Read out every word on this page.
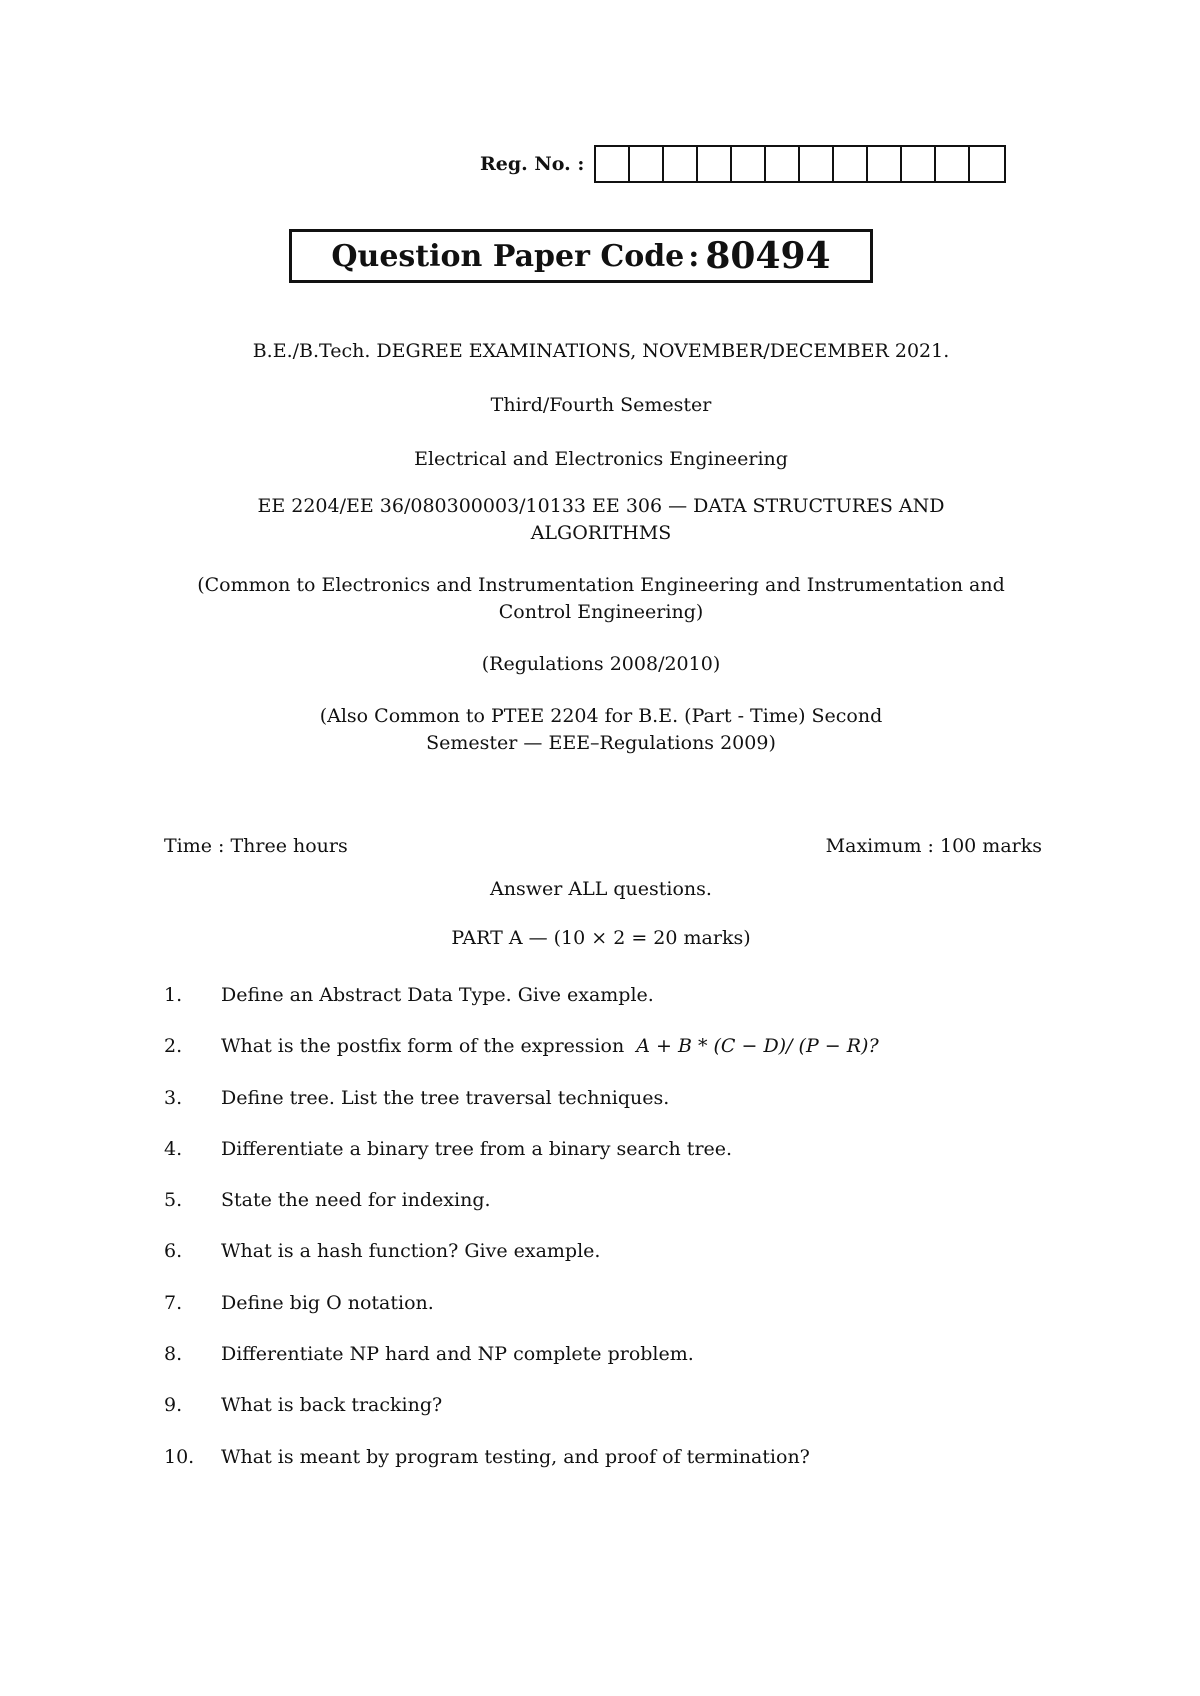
Reg. No. :
Question Paper Code : 80494

B.E./B.Tech. DEGREE EXAMINATIONS, NOVEMBER/DECEMBER 2021.

Third/Fourth Semester

Electrical and Electronics Engineering

EE 2204/EE 36/080300003/10133 EE 306 — DATA STRUCTURES AND ALGORITHMS

(Common to Electronics and Instrumentation Engineering and Instrumentation and Control Engineering)

(Regulations 2008/2010)

(Also Common to PTEE 2204 for B.E. (Part - Time) Second Semester — EEE–Regulations 2009)

Time : Three hours	Maximum : 100 marks
Answer ALL questions.
PART A — (10 × 2 = 20 marks)
1.	Define an Abstract Data Type. Give example.
2.	What is the postfix form of the expression A + B * (C − D)/ (P − R)?
3.	Define tree. List the tree traversal techniques.
4.	Differentiate a binary tree from a binary search tree.
5.	State the need for indexing.
6.	What is a hash function? Give example.
7.	Define big O notation.
8.	Differentiate NP hard and NP complete problem.
9.	What is back tracking?
10.	What is meant by program testing, and proof of termination?
